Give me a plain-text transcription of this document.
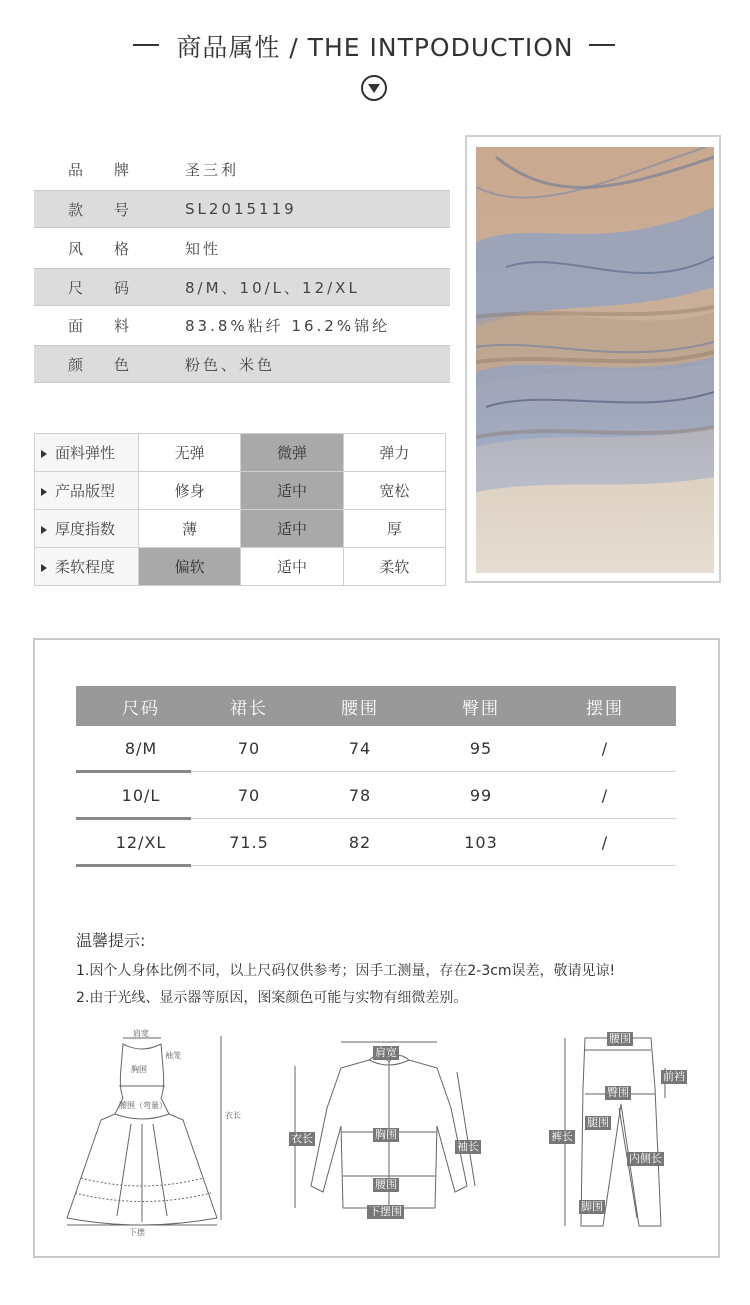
商品属性 / THE INTPODUCTION
品 牌	圣三利
款 号	SL2015119
风 格	知性
尺 码	8/M、10/L、12/XL
面 料	83.8%粘纤 16.2%锦纶
颜 色	粉色、米色
面料弹性	无弹	微弹	弹力
产品版型	修身	适中	宽松
厚度指数	薄	适中	厚
柔软程度	偏软	适中	柔软
尺码	裙长	腰围	臀围	摆围
8/M	70	74	95	/
10/L	70	78	99	/
12/XL	71.5	82	103	/
温馨提示:
1.因个人身体比例不同，以上尺码仅供参考；因手工测量，存在2-3cm误差，敬请见谅!
2.由于光线、显示器等原因，图案颜色可能与实物有细微差别。
肩宽
胸围
袖笼
腰围（弯量）
衣长
下摆
肩宽
衣长	胸围
袖长
腰围
下摆围
腰围
前裆
臀围
腿围
裤长
内侧长
脚围
